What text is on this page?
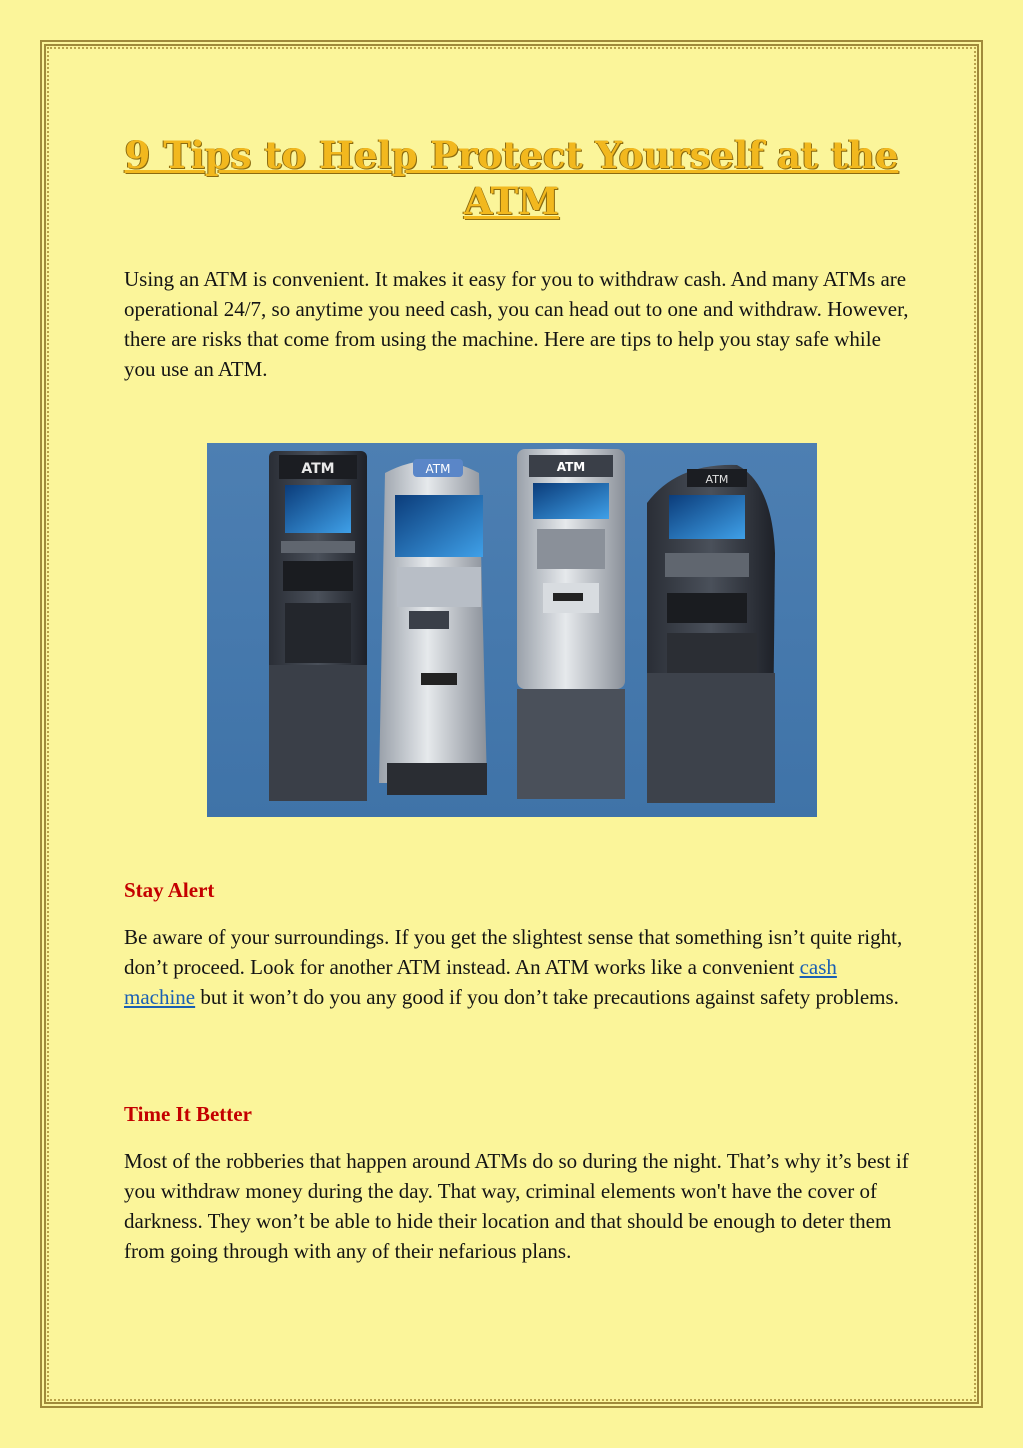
9 Tips to Help Protect Yourself at the ATM

Using an ATM is convenient. It makes it easy for you to withdraw cash. And many ATMs are operational 24/7, so anytime you need cash, you can head out to one and withdraw. However, there are risks that come from using the machine. Here are tips to help you stay safe while you use an ATM.

ATM	ATM	ATM
ATM
Stay Alert

Be aware of your surroundings. If you get the slightest sense that something isn’t quite right, don’t proceed. Look for another ATM instead. An ATM works like a convenient cash machine but it won’t do you any good if you don’t take precautions against safety problems.

Time It Better

Most of the robberies that happen around ATMs do so during the night. That’s why it’s best if you withdraw money during the day. That way, criminal elements won't have the cover of darkness. They won’t be able to hide their location and that should be enough to deter them from going through with any of their nefarious plans.
